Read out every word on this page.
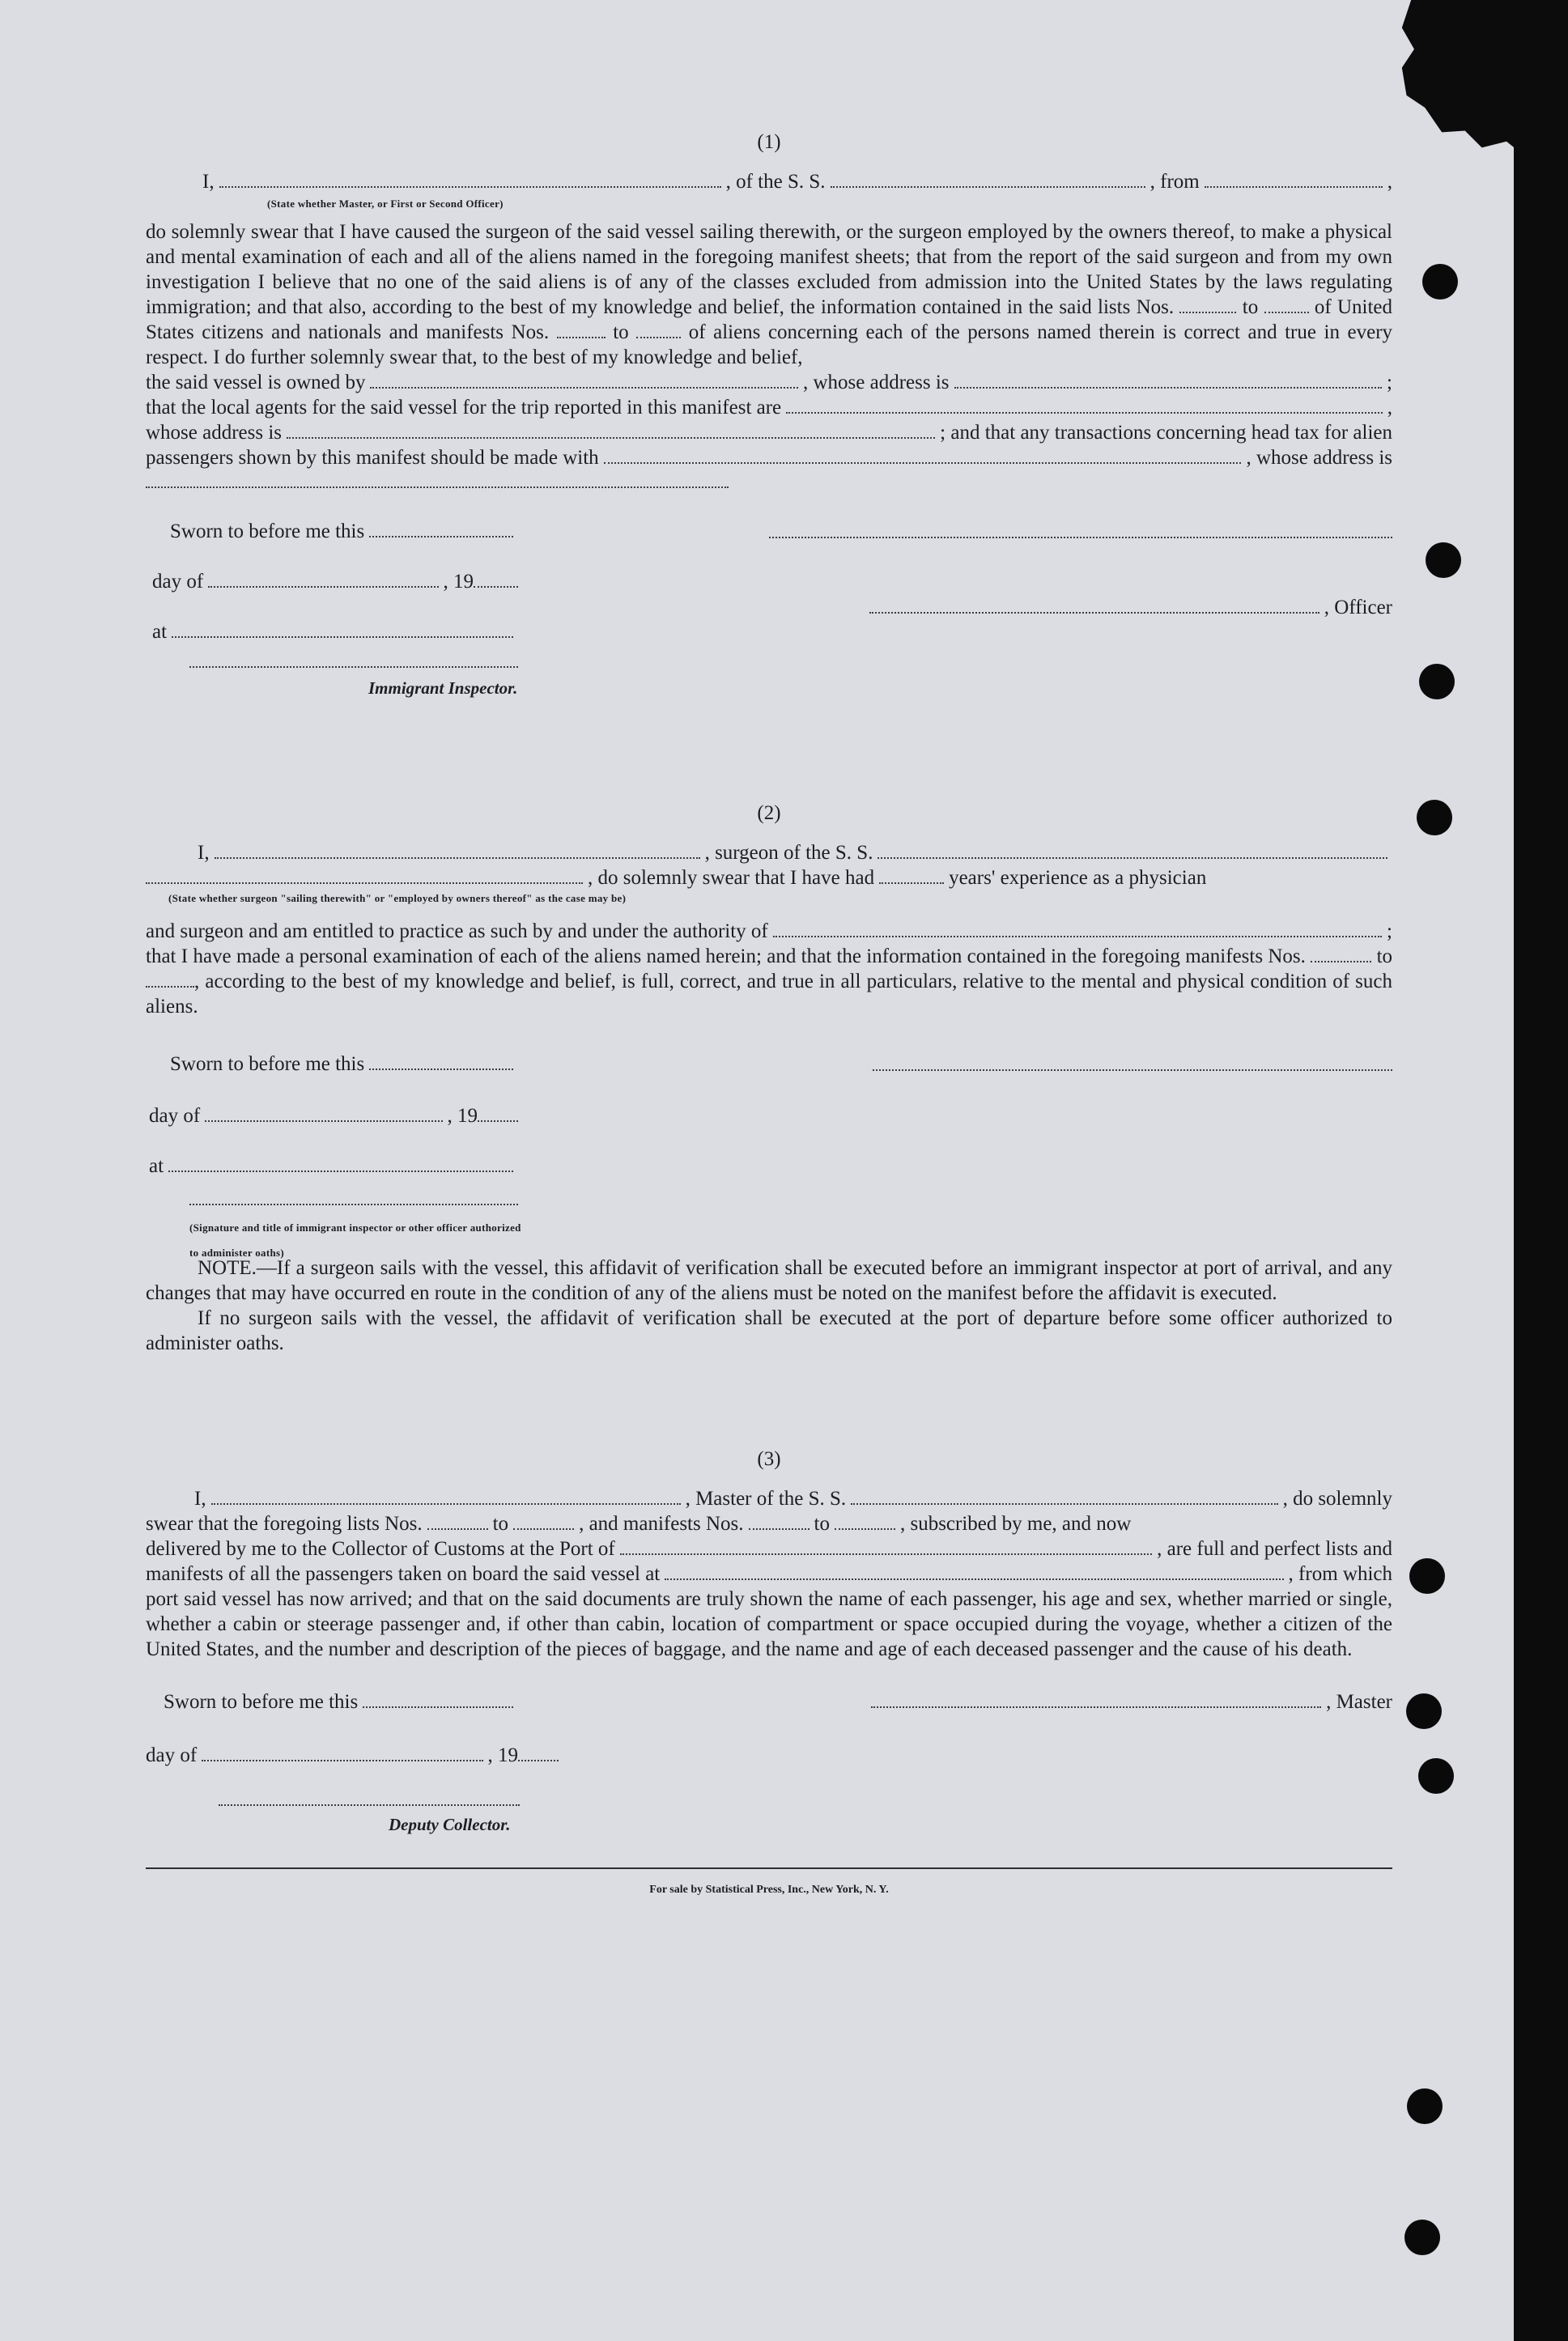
(1)
I,	, of the S. S.	, from	,
(State whether Master, or First or Second Officer)

do solemnly swear that I have caused the surgeon of the said vessel sailing therewith, or the surgeon employed by the owners thereof, to make a physical and mental examination of each and all of the aliens named in the foregoing manifest sheets; that from the report of the said surgeon and from my own investigation I believe that no one of the said aliens is of any of the classes excluded from admission into the United States by the laws regulating immigration; and that also, according to the best of my knowledge and belief, the information contained in the said lists Nos.	to	of United States citizens and nationals and manifests Nos.	to	of aliens concerning each of the persons named therein is correct and true in every respect. I do further solemnly swear that, to the best of my knowledge and belief,

the said vessel is owned by	, whose address is	;
that the local agents for the said vessel for the trip reported in this manifest are	,
whose address is	; and that any transactions concerning head tax for alien
passengers shown by this manifest should be made with	, whose address is
Sworn to before me this
day of	, 19
at
Immigrant Inspector.
, Officer
(2)
I,	, surgeon of the S. S.
, do solemnly swear that I have had	years' experience as a physician
(State whether surgeon "sailing therewith" or "employed by owners thereof" as the case may be)
and surgeon and am entitled to practice as such by and under the authority of	;

that I have made a personal examination of each of the aliens named herein; and that the information contained in the foregoing manifests Nos.	to , according to the best of my knowledge and belief, is full, correct, and true in all particulars, relative to the mental and physical condition of such aliens.

Sworn to before me this
day of	, 19
at
(Signature and title of immigrant inspector or other officer authorized to administer oaths)

NOTE.—If a surgeon sails with the vessel, this affidavit of verification shall be executed before an immigrant inspector at port of arrival, and any changes that may have occurred en route in the condition of any of the aliens must be noted on the manifest before the affidavit is executed.

If no surgeon sails with the vessel, the affidavit of verification shall be executed at the port of departure before some officer authorized to administer oaths.

(3)
I,	, Master of the S. S.	, do solemnly
swear that the foregoing lists Nos.	to	, and manifests Nos.	to	, subscribed by me, and now
delivered by me to the Collector of Customs at the Port of	, are full and perfect lists and
manifests of all the passengers taken on board the said vessel at	, from which

port said vessel has now arrived; and that on the said documents are truly shown the name of each passenger, his age and sex, whether married or single, whether a cabin or steerage passenger and, if other than cabin, location of compartment or space occupied during the voyage, whether a citizen of the United States, and the number and description of the pieces of baggage, and the name and age of each deceased passenger and the cause of his death.

Sworn to before me this	, Master
day of	, 19
Deputy Collector.
For sale by Statistical Press, Inc., New York, N. Y.
